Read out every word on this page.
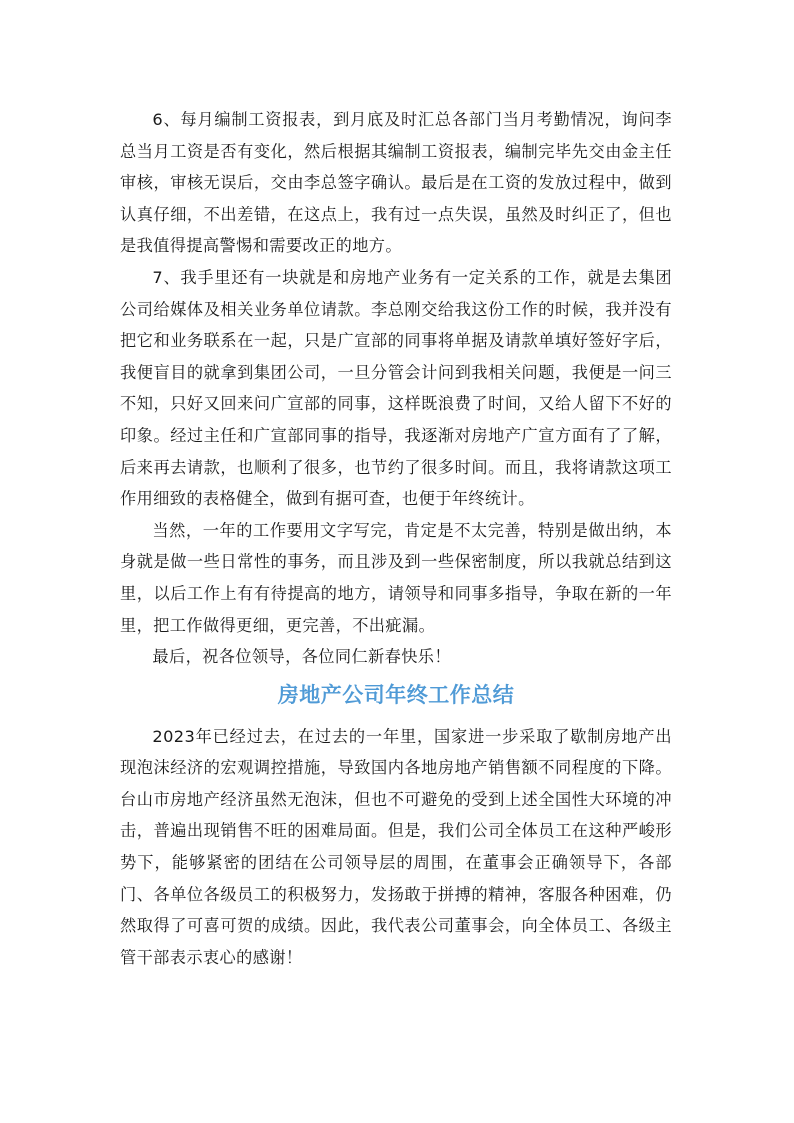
6、每月编制工资报表，到月底及时汇总各部门当月考勤情况，询问李总当月工资是否有变化，然后根据其编制工资报表，编制完毕先交由金主任审核，审核无误后，交由李总签字确认。最后是在工资的发放过程中，做到认真仔细，不出差错，在这点上，我有过一点失误，虽然及时纠正了，但也是我值得提高警惕和需要改正的地方。

7、我手里还有一块就是和房地产业务有一定关系的工作，就是去集团公司给媒体及相关业务单位请款。李总刚交给我这份工作的时候，我并没有把它和业务联系在一起，只是广宣部的同事将单据及请款单填好签好字后，我便盲目的就拿到集团公司，一旦分管会计问到我相关问题，我便是一问三不知，只好又回来问广宣部的同事，这样既浪费了时间，又给人留下不好的印象。经过主任和广宣部同事的指导，我逐渐对房地产广宣方面有了了解，后来再去请款，也顺利了很多，也节约了很多时间。而且，我将请款这项工作用细致的表格健全，做到有据可查，也便于年终统计。

当然，一年的工作要用文字写完，肯定是不太完善，特别是做出纳，本身就是做一些日常性的事务，而且涉及到一些保密制度，所以我就总结到这里，以后工作上有有待提高的地方，请领导和同事多指导，争取在新的一年里，把工作做得更细，更完善，不出疵漏。

最后，祝各位领导，各位同仁新春快乐！

房地产公司年终工作总结

2023年已经过去，在过去的一年里，国家进一步采取了歇制房地产出现泡沫经济的宏观调控措施，导致国内各地房地产销售额不同程度的下降。台山市房地产经济虽然无泡沫，但也不可避免的受到上述全国性大环境的冲击，普遍出现销售不旺的困难局面。但是，我们公司全体员工在这种严峻形势下，能够紧密的团结在公司领导层的周围，在董事会正确领导下，各部门、各单位各级员工的积极努力，发扬敢于拼搏的精神，客服各种困难，仍然取得了可喜可贺的成绩。因此，我代表公司董事会，向全体员工、各级主管干部表示衷心的感谢！
